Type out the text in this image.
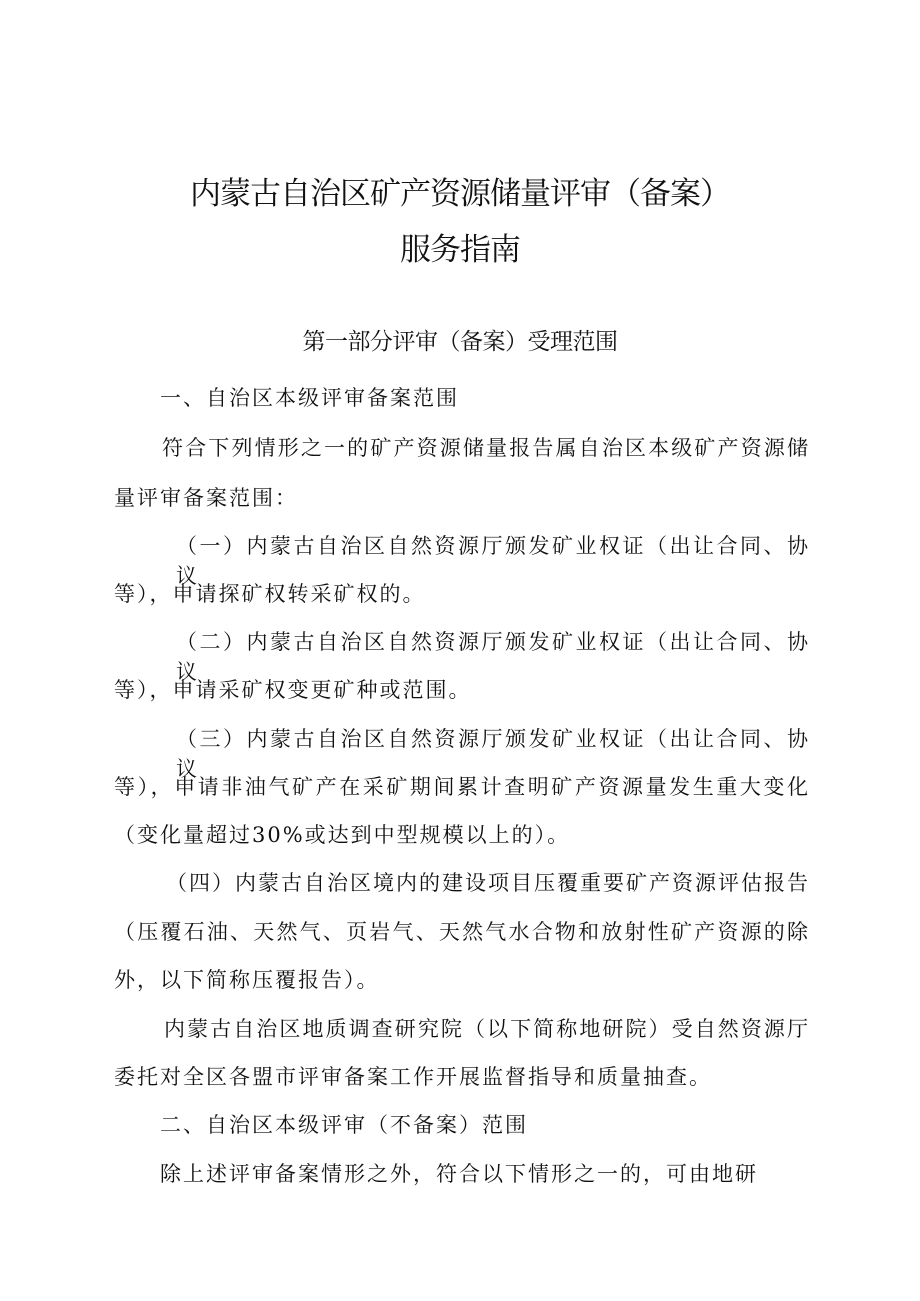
内蒙古自治区矿产资源储量评审（备案）
服务指南
第一部分评审（备案）受理范围
一、自治区本级评审备案范围
符合下列情形之一的矿产资源储量报告属自治区本级矿产资源储
量评审备案范围：
（一）内蒙古自治区自然资源厅颁发矿业权证（出让合同、协议
等），申请探矿权转采矿权的。
（二）内蒙古自治区自然资源厅颁发矿业权证（出让合同、协议
等），申请采矿权变更矿种或范围。
（三）内蒙古自治区自然资源厅颁发矿业权证（出让合同、协议
等），申请非油气矿产在采矿期间累计查明矿产资源量发生重大变化
（变化量超过30%或达到中型规模以上的）。
（四）内蒙古自治区境内的建设项目压覆重要矿产资源评估报告
（压覆石油、天然气、页岩气、天然气水合物和放射性矿产资源的除
外，以下简称压覆报告）。
内蒙古自治区地质调查研究院（以下简称地研院）受自然资源厅
委托对全区各盟市评审备案工作开展监督指导和质量抽查。
二、自治区本级评审（不备案）范围
除上述评审备案情形之外，符合以下情形之一的，可由地研
